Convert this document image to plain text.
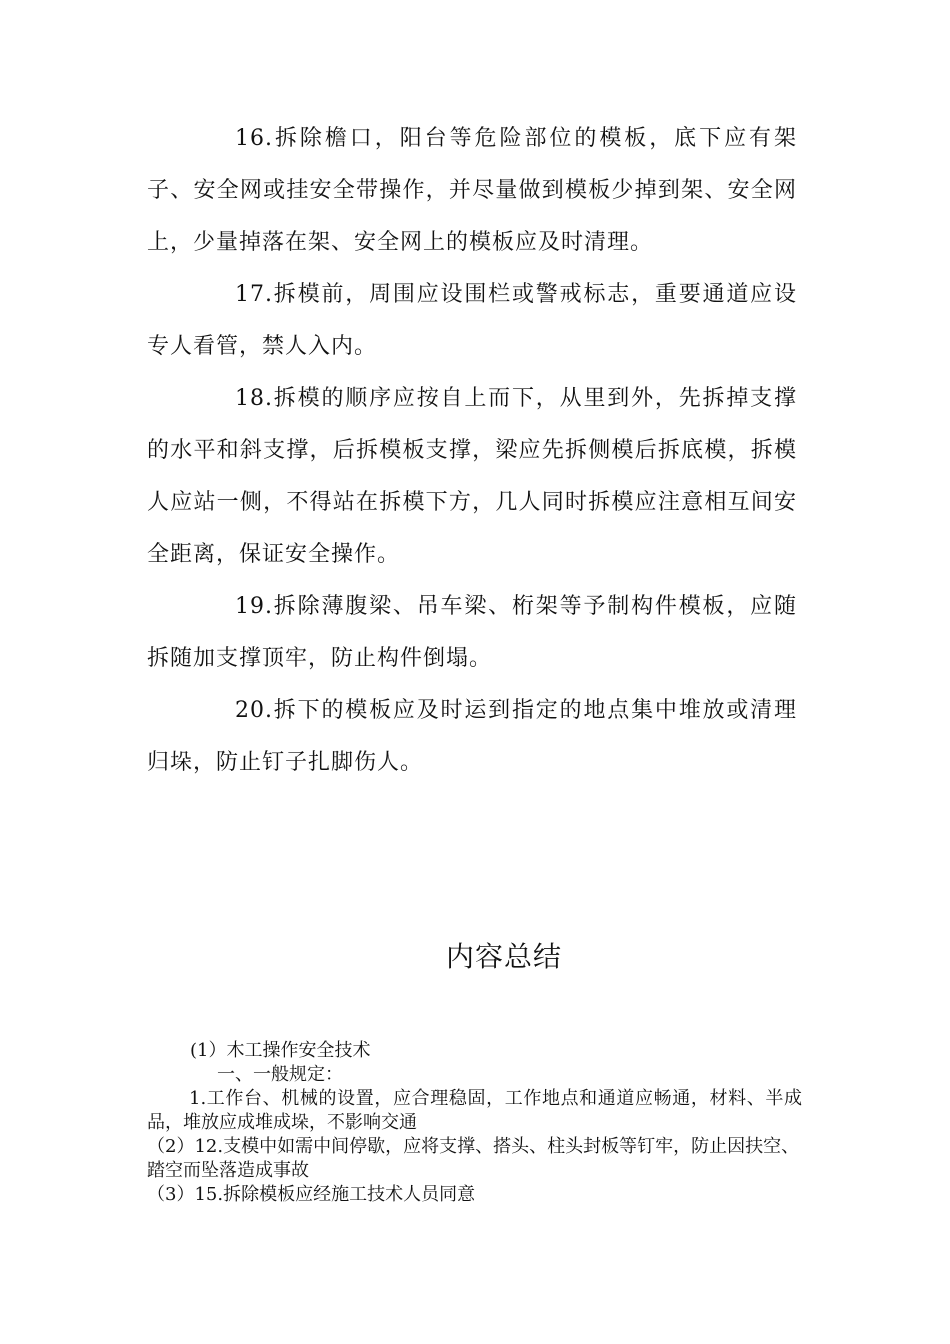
16.拆除檐口，阳台等危险部位的模板，底下应有架子、安全网或挂安全带操作，并尽量做到模板少掉到架、安全网上，少量掉落在架、安全网上的模板应及时清理。

17.拆模前，周围应设围栏或警戒标志，重要通道应设专人看管，禁人入内。

18.拆模的顺序应按自上而下，从里到外，先拆掉支撑的水平和斜支撑，后拆模板支撑，梁应先拆侧模后拆底模，拆模人应站一侧，不得站在拆模下方，几人同时拆模应注意相互间安全距离，保证安全操作。

19.拆除薄腹梁、吊车梁、桁架等予制构件模板，应随拆随加支撑顶牢，防止构件倒塌。

20.拆下的模板应及时运到指定的地点集中堆放或清理归垛，防止钉子扎脚伤人。

内容总结

(1）木工操作安全技术

一、一般规定：

1.工作台、机械的设置，应合理稳固，工作地点和通道应畅通，材料、半成品，堆放应成堆成垛，不影响交通

（2）12.支模中如需中间停歇，应将支撑、搭头、柱头封板等钉牢，防止因扶空、踏空而坠落造成事故

（3）15.拆除模板应经施工技术人员同意
